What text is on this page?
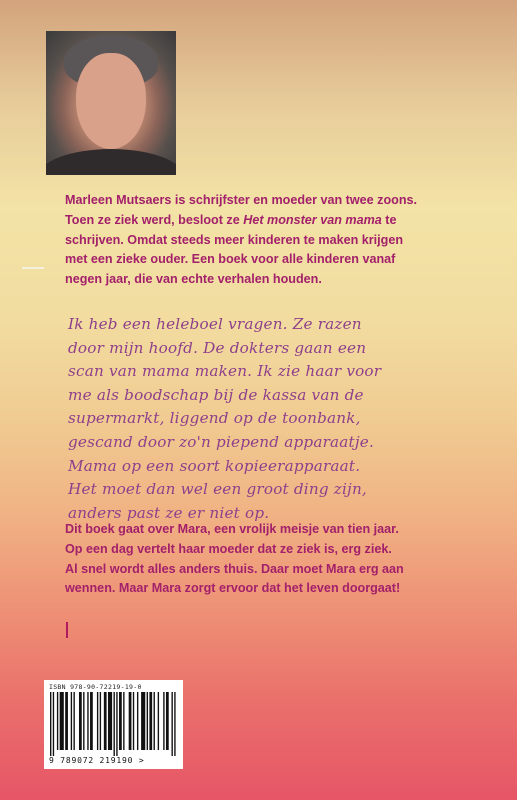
Marleen Mutsaers is schrijfster en moeder van twee zoons.
Toen ze ziek werd, besloot ze Het monster van mama te
schrijven. Omdat steeds meer kinderen te maken krijgen
met een zieke ouder. Een boek voor alle kinderen vanaf
negen jaar, die van echte verhalen houden.

Ik heb een heleboel vragen. Ze razen
door mijn hoofd. De dokters gaan een
scan van mama maken. Ik zie haar voor
me als boodschap bij de kassa van de
supermarkt, liggend op de toonbank,
gescand door zo'n piepend apparaatje.
Mama op een soort kopieerapparaat.
Het moet dan wel een groot ding zijn,
anders past ze er niet op.

Dit boek gaat over Mara, een vrolijk meisje van tien jaar.
Op een dag vertelt haar moeder dat ze ziek is, erg ziek.
Al snel wordt alles anders thuis. Daar moet Mara erg aan
wennen. Maar Mara zorgt ervoor dat het leven doorgaat!

ISBN 978-90-72219-19-0
9 789072 219190 >
